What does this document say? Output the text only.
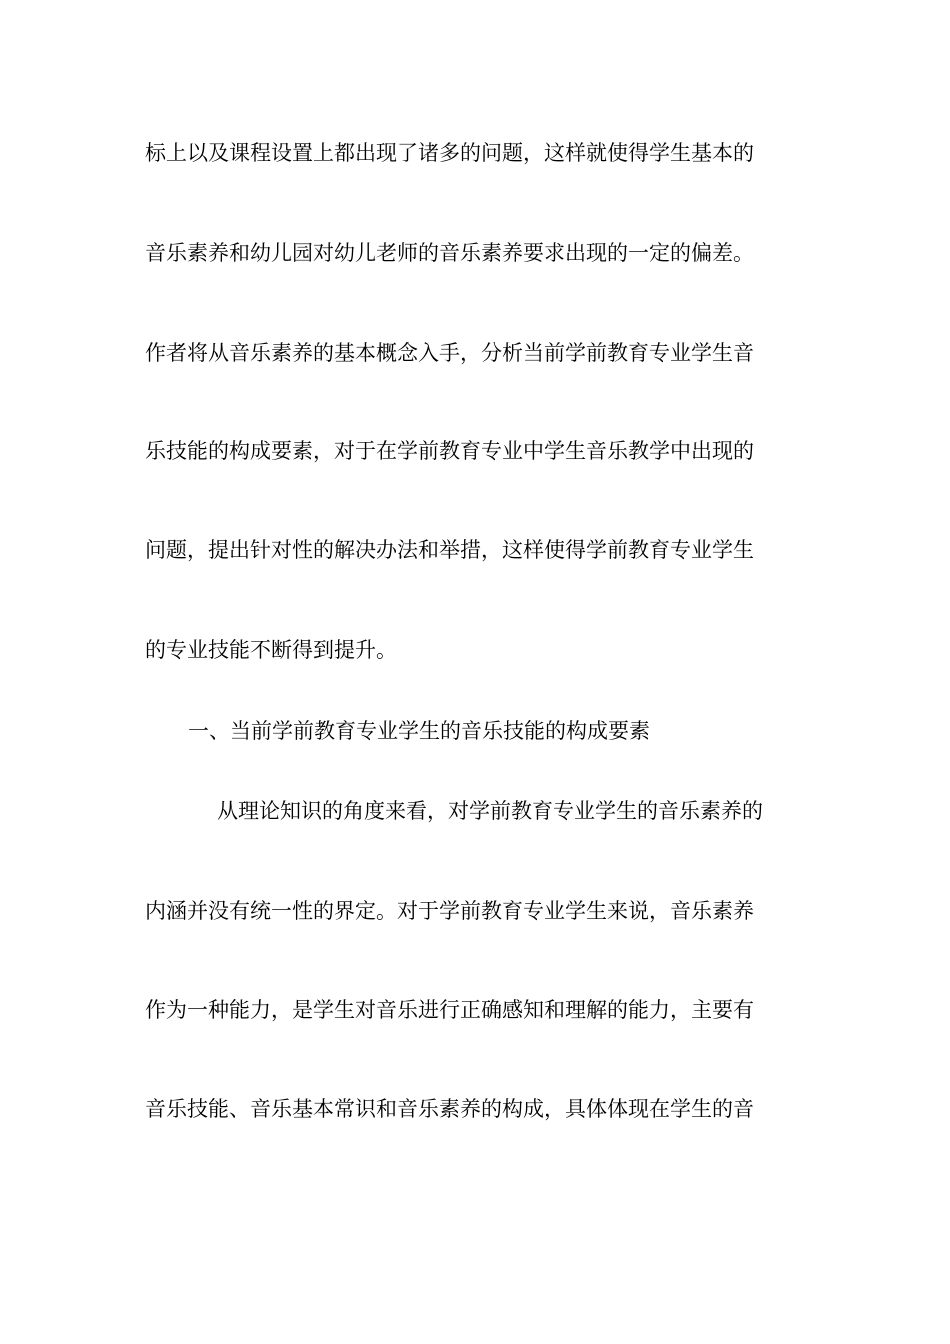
标上以及课程设置上都出现了诸多的问题，这样就使得学生基本的
音乐素养和幼儿园对幼儿老师的音乐素养要求出现的一定的偏差。
作者将从音乐素养的基本概念入手，分析当前学前教育专业学生音
乐技能的构成要素，对于在学前教育专业中学生音乐教学中出现的
问题，提出针对性的解决办法和举措，这样使得学前教育专业学生
的专业技能不断得到提升。
一、当前学前教育专业学生的音乐技能的构成要素
从理论知识的角度来看，对学前教育专业学生的音乐素养的
内涵并没有统一性的界定。对于学前教育专业学生来说，音乐素养
作为一种能力，是学生对音乐进行正确感知和理解的能力，主要有
音乐技能、音乐基本常识和音乐素养的构成，具体体现在学生的音
